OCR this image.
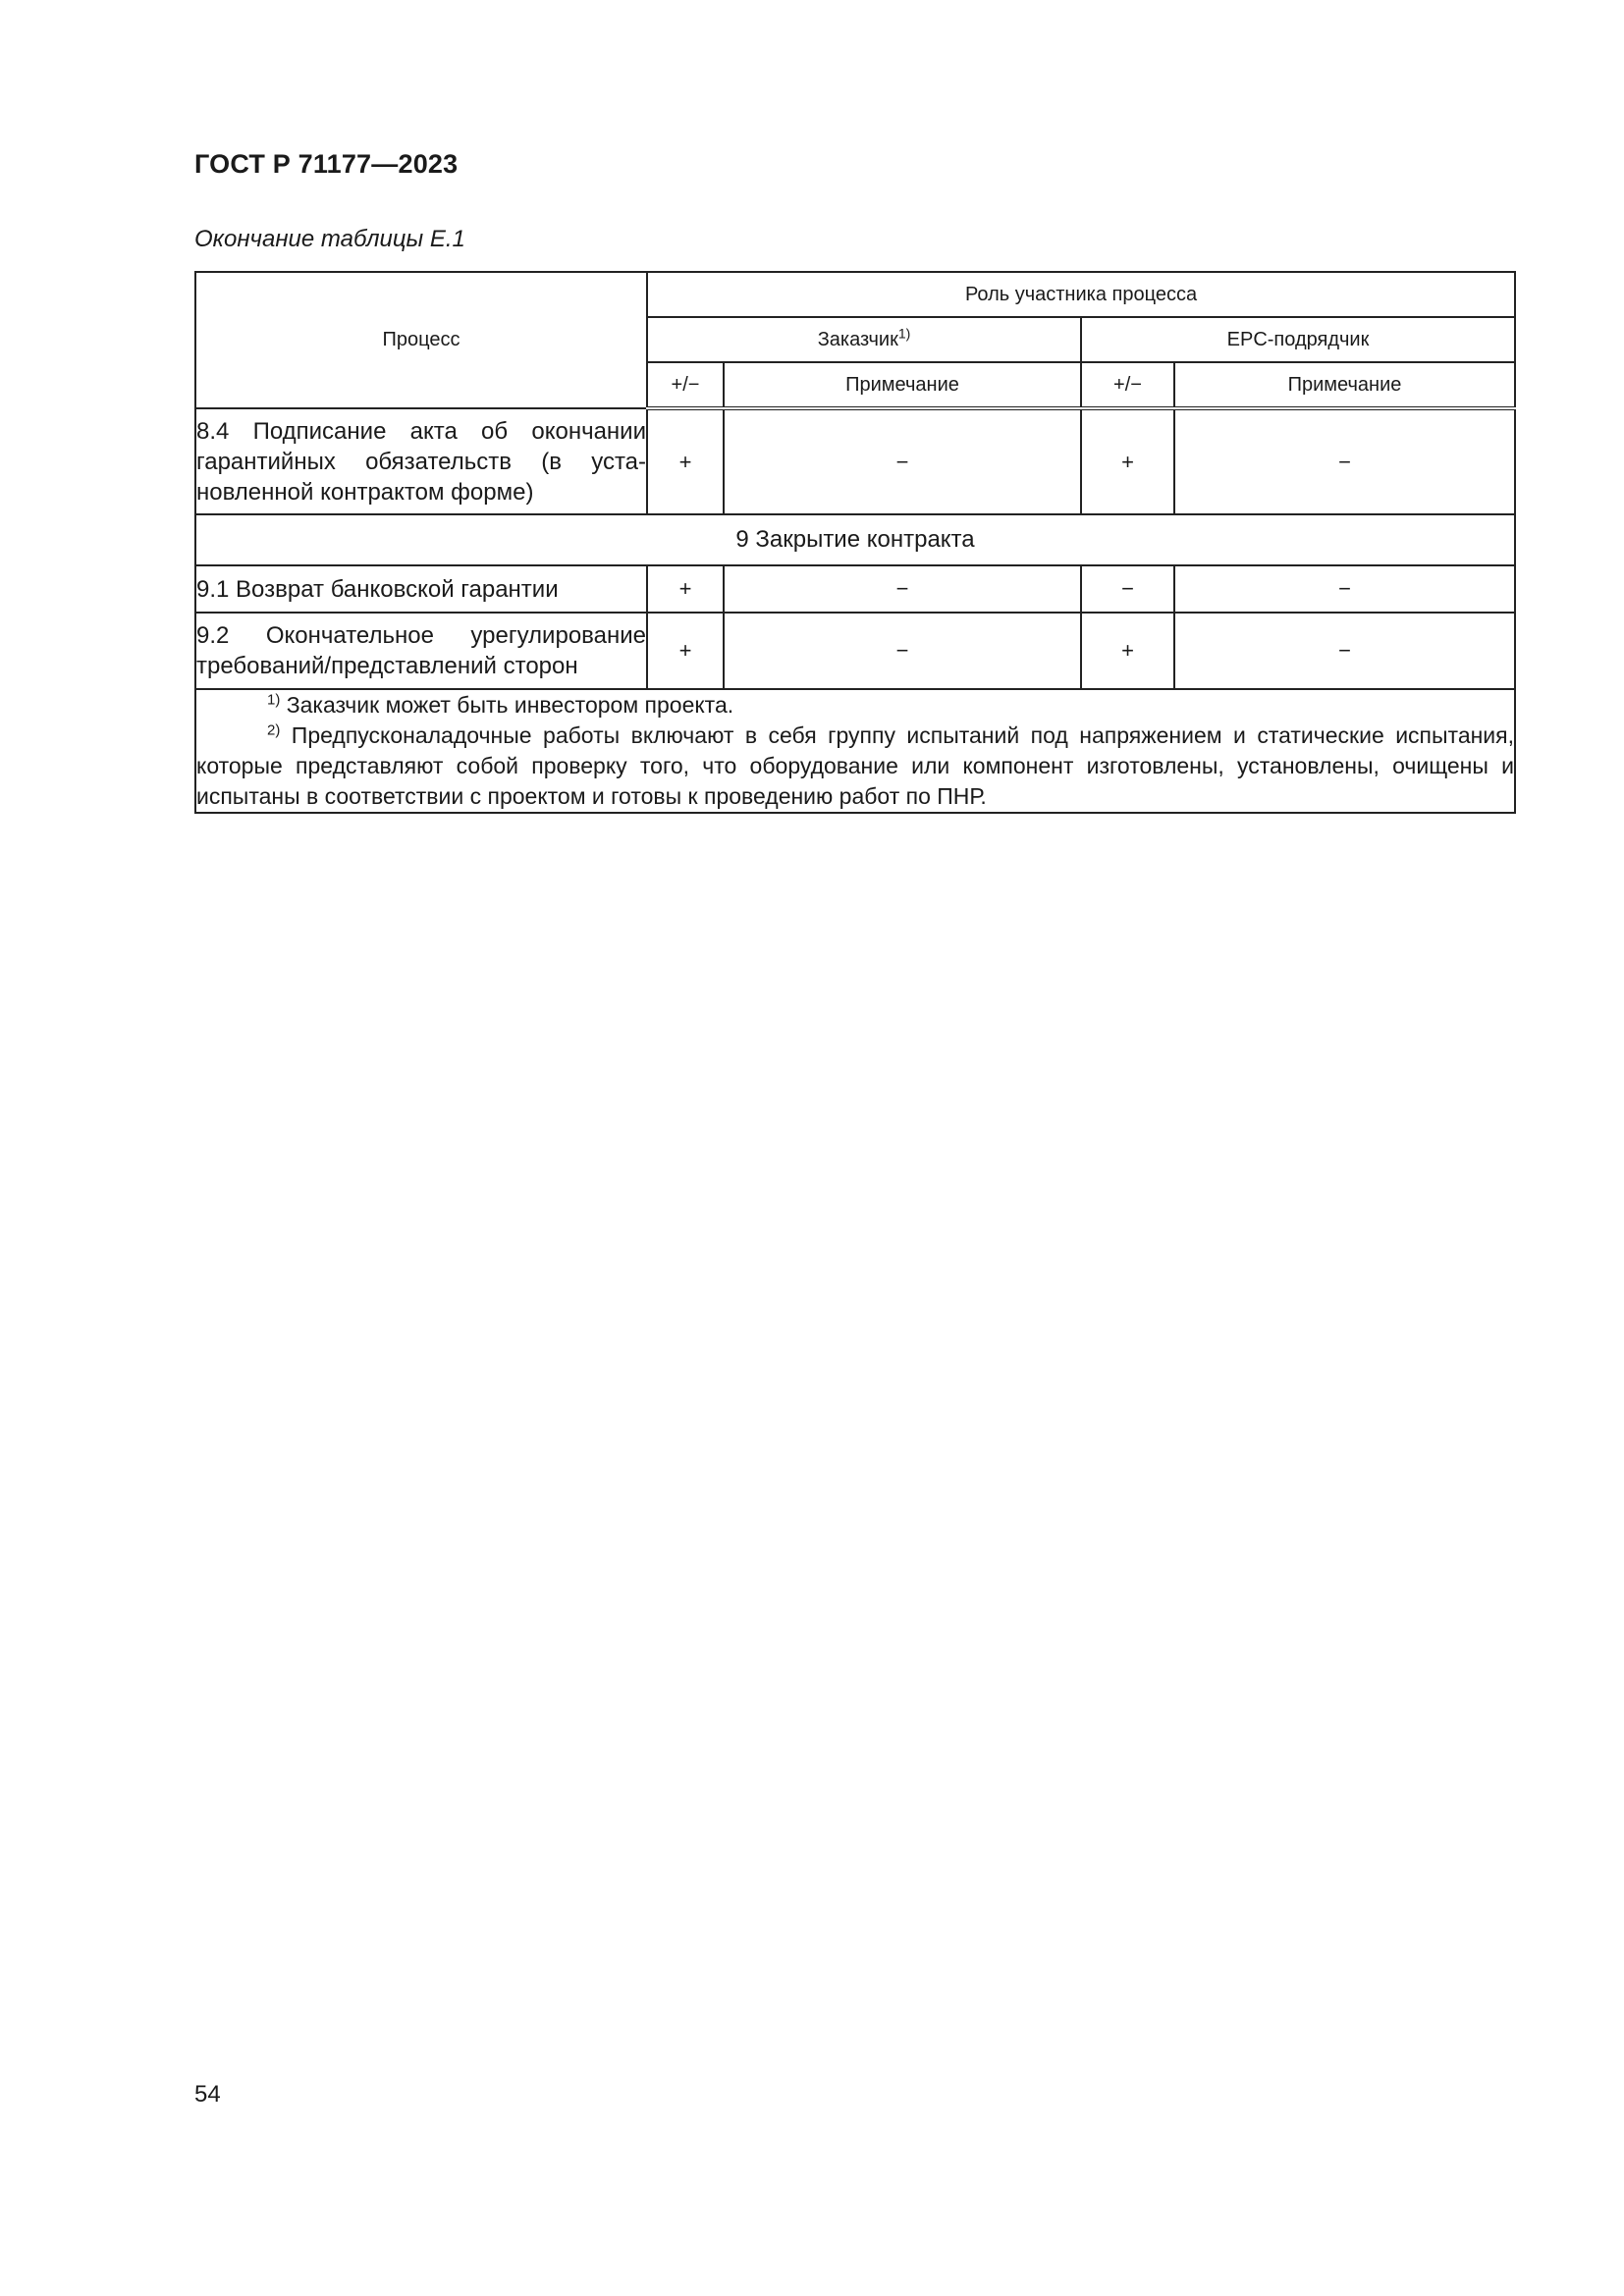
ГОСТ Р 71177—2023
Окончание таблицы Е.1
Процесс	Роль участника процесса			
	Заказчик$^{1)}$		EPC-подрядчик	
	+/−	Примечание	+/−	Примечание
8.4 Подписание акта об окончании гарантийных обязательств (в уста-новленной контрактом форме)	+	−	+	−
9 Закрытие контракта				
9.1 Возврат банковской гарантии	+	−	−	−
9.2 Окончательное урегулирование требований/представлений сторон	+	−	+	−

$^{1)}$ Заказчик может быть инвестором проекта.
$^{2)}$ Предпусконаладочные работы включают в себя группу испытаний под напряжением и статические испытания, которые представляют собой проверку того, что оборудование или компонент изготовлены, установлены, очищены и испытаны в соответствии с проектом и готовы к проведению работ по ПНР.				
54
